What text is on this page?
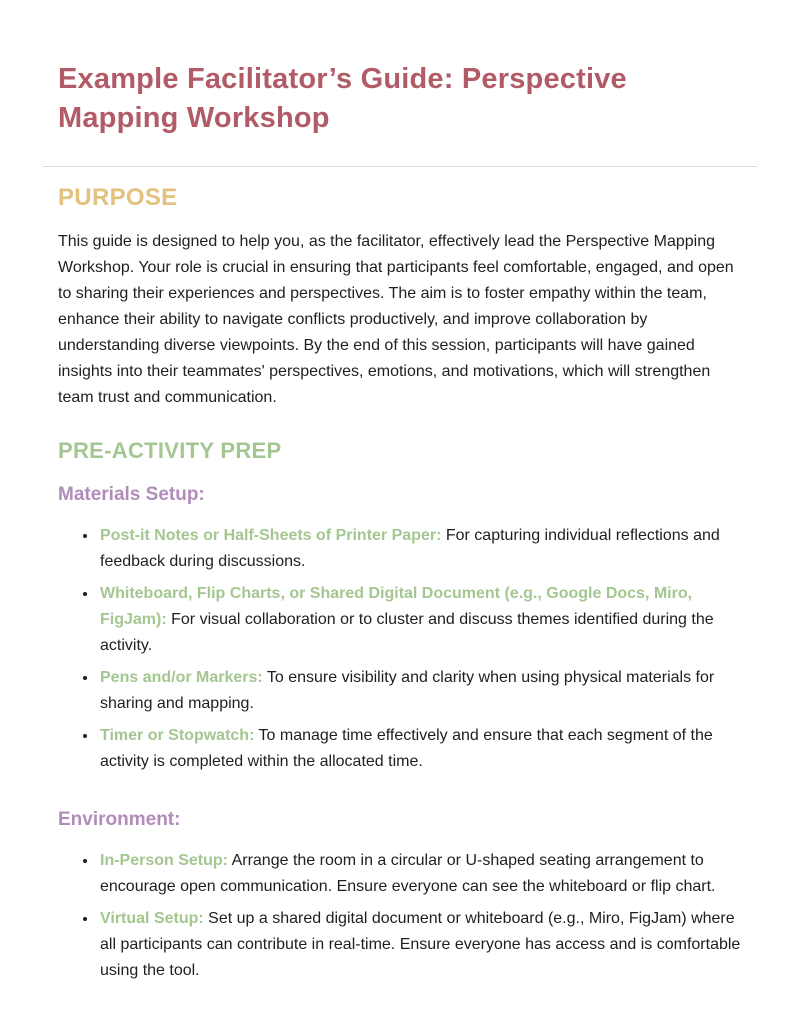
Example Facilitator’s Guide: Perspective Mapping Workshop
PURPOSE

This guide is designed to help you, as the facilitator, effectively lead the Perspective Mapping Workshop. Your role is crucial in ensuring that participants feel comfortable, engaged, and open to sharing their experiences and perspectives. The aim is to foster empathy within the team, enhance their ability to navigate conflicts productively, and improve collaboration by understanding diverse viewpoints. By the end of this session, participants will have gained insights into their teammates' perspectives, emotions, and motivations, which will strengthen team trust and communication.

PRE-ACTIVITY PREP
Materials Setup:
• Post-it Notes or Half-Sheets of Printer Paper: For capturing individual reflections and feedback during discussions.
• Whiteboard, Flip Charts, or Shared Digital Document (e.g., Google Docs, Miro, FigJam): For visual collaboration or to cluster and discuss themes identified during the activity.
• Pens and/or Markers: To ensure visibility and clarity when using physical materials for sharing and mapping.
• Timer or Stopwatch: To manage time effectively and ensure that each segment of the activity is completed within the allocated time.
Environment:
• In-Person Setup: Arrange the room in a circular or U-shaped seating arrangement to encourage open communication. Ensure everyone can see the whiteboard or flip chart.
• Virtual Setup: Set up a shared digital document or whiteboard (e.g., Miro, FigJam) where all participants can contribute in real-time. Ensure everyone has access and is comfortable using the tool.
